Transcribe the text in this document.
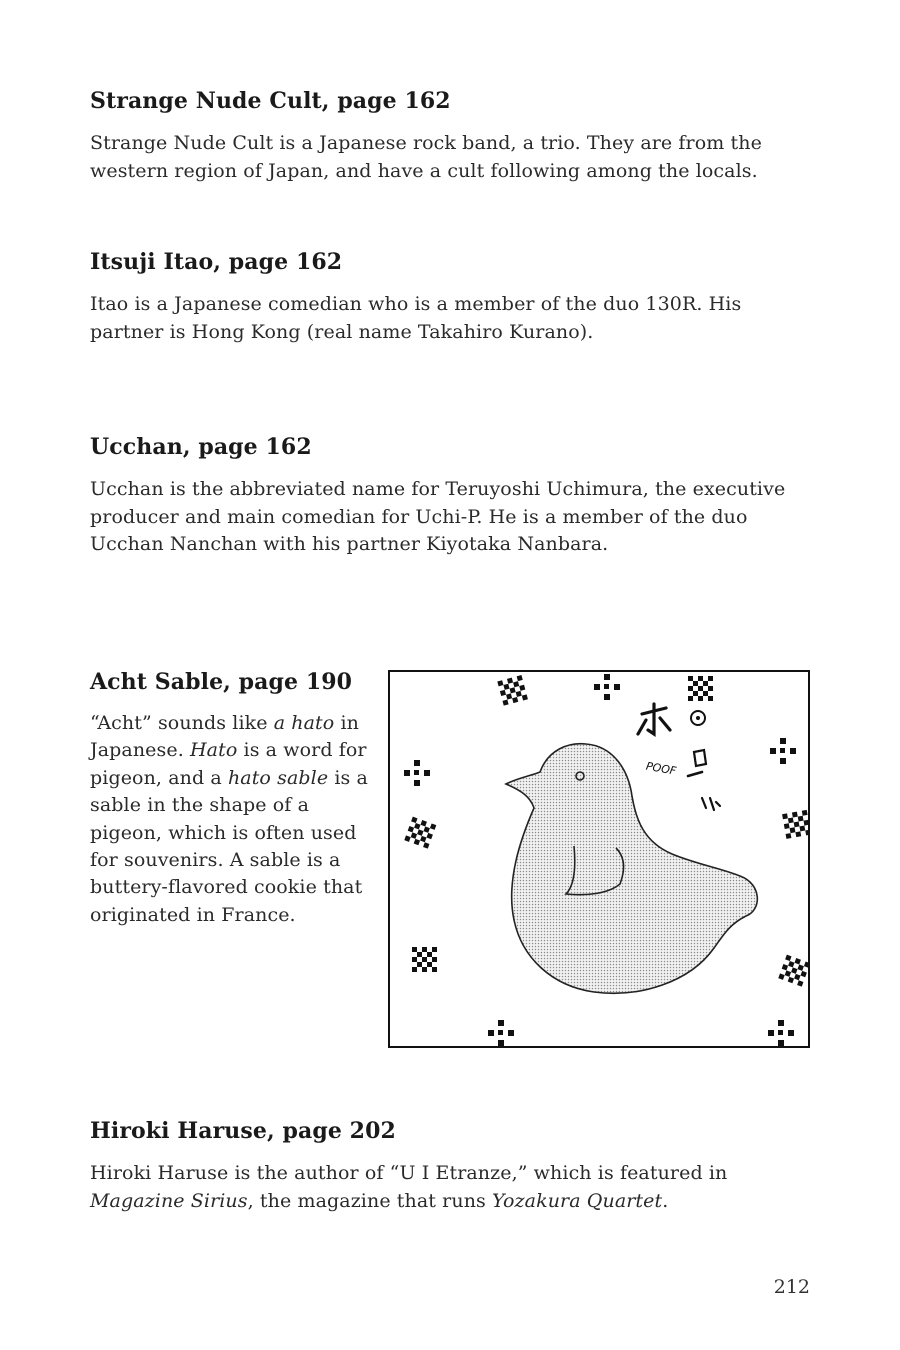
Strange Nude Cult, page 162

Strange Nude Cult is a Japanese rock band, a trio. They are from the western region of Japan, and have a cult following among the locals.

Itsuji Itao, page 162

Itao is a Japanese comedian who is a member of the duo 130R. His partner is Hong Kong (real name Takahiro Kurano).

Ucchan, page 162

Ucchan is the abbreviated name for Teruyoshi Uchimura, the executive producer and main comedian for Uchi-P. He is a member of the duo Ucchan Nanchan with his partner Kiyotaka Nanbara.

Acht Sable, page 190

“Acht” sounds like a hato in Japanese. Hato is a word for pigeon, and a hato sable is a sable in the shape of a pigeon, which is often used for souvenirs. A sable is a buttery-flavored cookie that originated in France.

POOF
Hiroki Haruse, page 202

Hiroki Haruse is the author of “U I Etranze,” which is featured in Magazine Sirius, the magazine that runs Yozakura Quartet.

212
